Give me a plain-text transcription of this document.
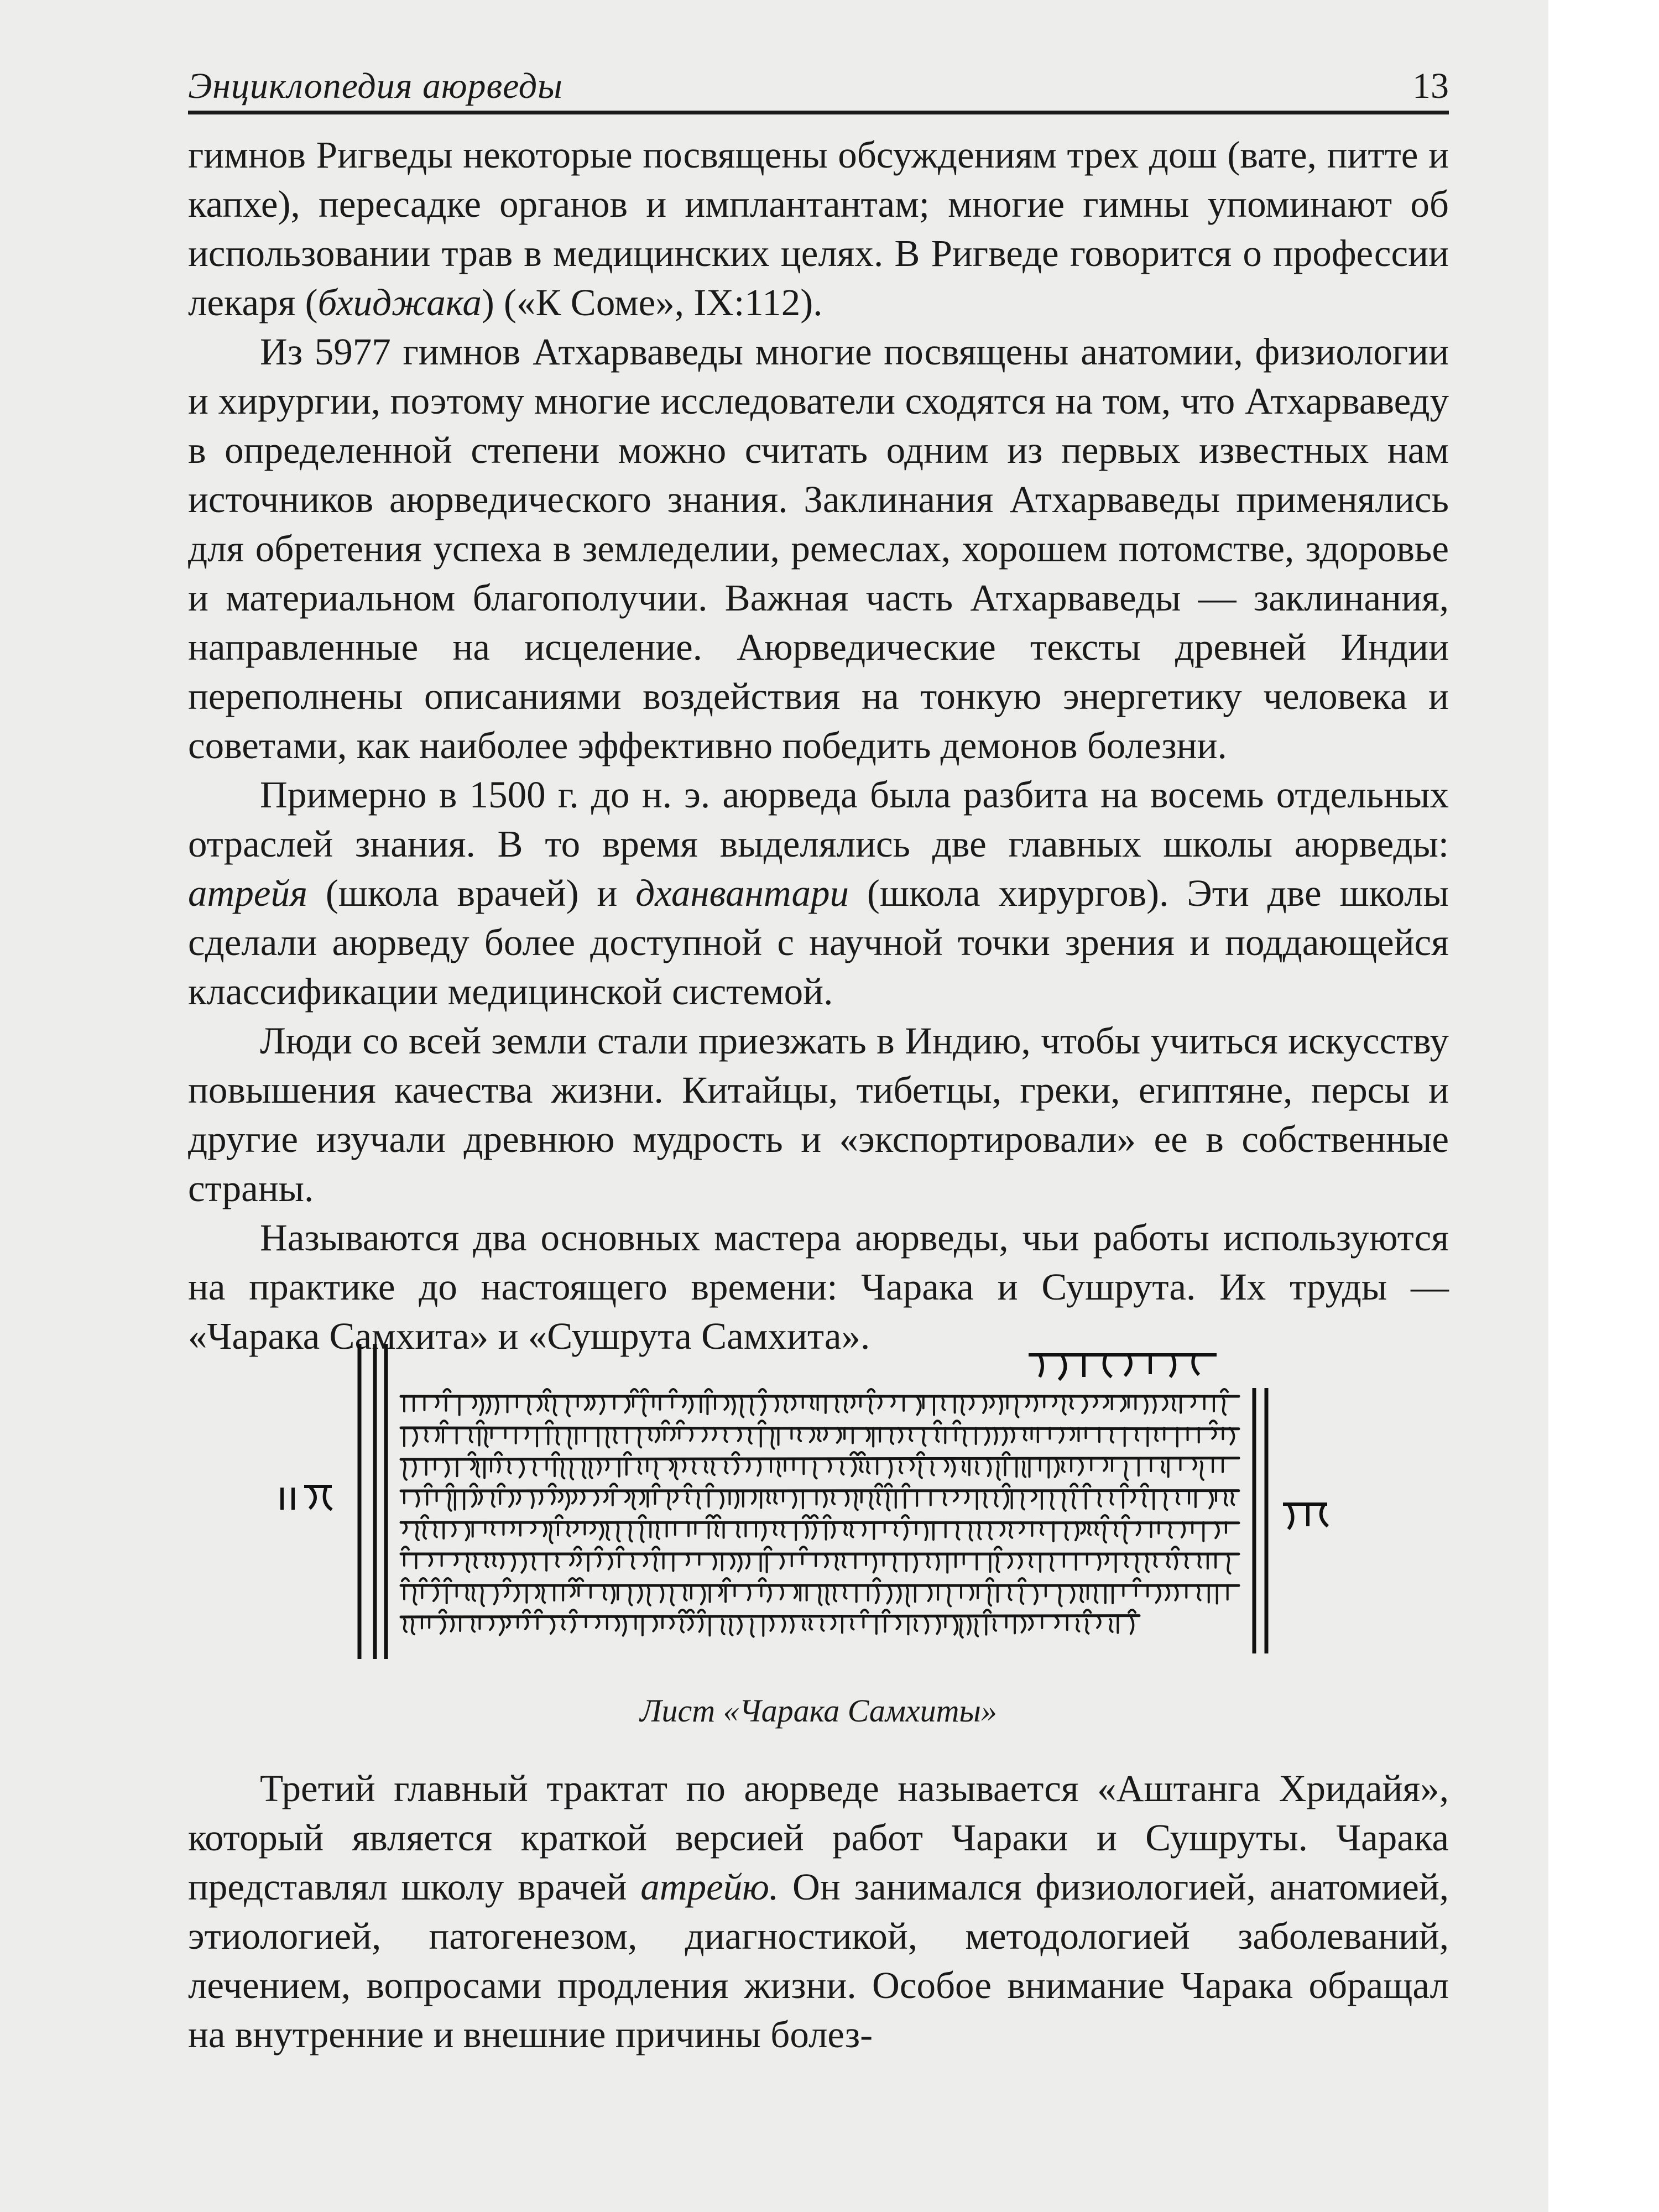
Энциклопедия аюрведы	13

гимнов Ригведы некоторые посвящены обсуждениям трех дош (вате, питте и капхе), пересадке органов и имплантантам; многие гимны упоминают об использовании трав в медицинских целях. В Ригведе говорится о профессии лекаря (бхиджака) («К Соме», IX:112).

Из 5977 гимнов Атхарваведы многие посвящены анатомии, физиологии и хирургии, поэтому многие исследователи сходятся на том, что Атхарваведу в определенной степени можно считать одним из первых известных нам источников аюрведического знания. Заклинания Атхарваведы применялись для обретения успеха в земледелии, ремеслах, хорошем потомстве, здоровье и материальном благополучии. Важная часть Атхарваведы — заклинания, направленные на исцеление. Аюрведические тексты древней Индии переполнены описаниями воздействия на тонкую энергетику человека и советами, как наиболее эффективно победить демонов болезни.

Примерно в 1500 г. до н. э. аюрведа была разбита на восемь отдельных отраслей знания. В то время выделялись две главных школы аюрведы: атрейя (школа врачей) и дханвантари (школа хирургов). Эти две школы сделали аюрведу более доступной с научной точки зрения и поддающейся классификации медицинской системой.

Люди со всей земли стали приезжать в Индию, чтобы учиться искусству повышения качества жизни. Китайцы, тибетцы, греки, египтяне, персы и другие изучали древнюю мудрость и «экспортировали» ее в собственные страны.

Называются два основных мастера аюрведы, чьи работы используются на практике до настоящего времени: Чарака и Сушрута. Их труды — «Чарака Самхита» и «Сушрута Самхита».

Лист «Чарака Самхиты»

Третий главный трактат по аюрведе называется «Аштанга Хридайя», который является краткой версией работ Чараки и Сушруты. Чарака представлял школу врачей атрейю. Он занимался физиологией, анатомией, этиологией, патогенезом, диагностикой, методологией заболеваний, лечением, вопросами продления жизни. Особое внимание Чарака обращал на внутренние и внешние причины болез-
